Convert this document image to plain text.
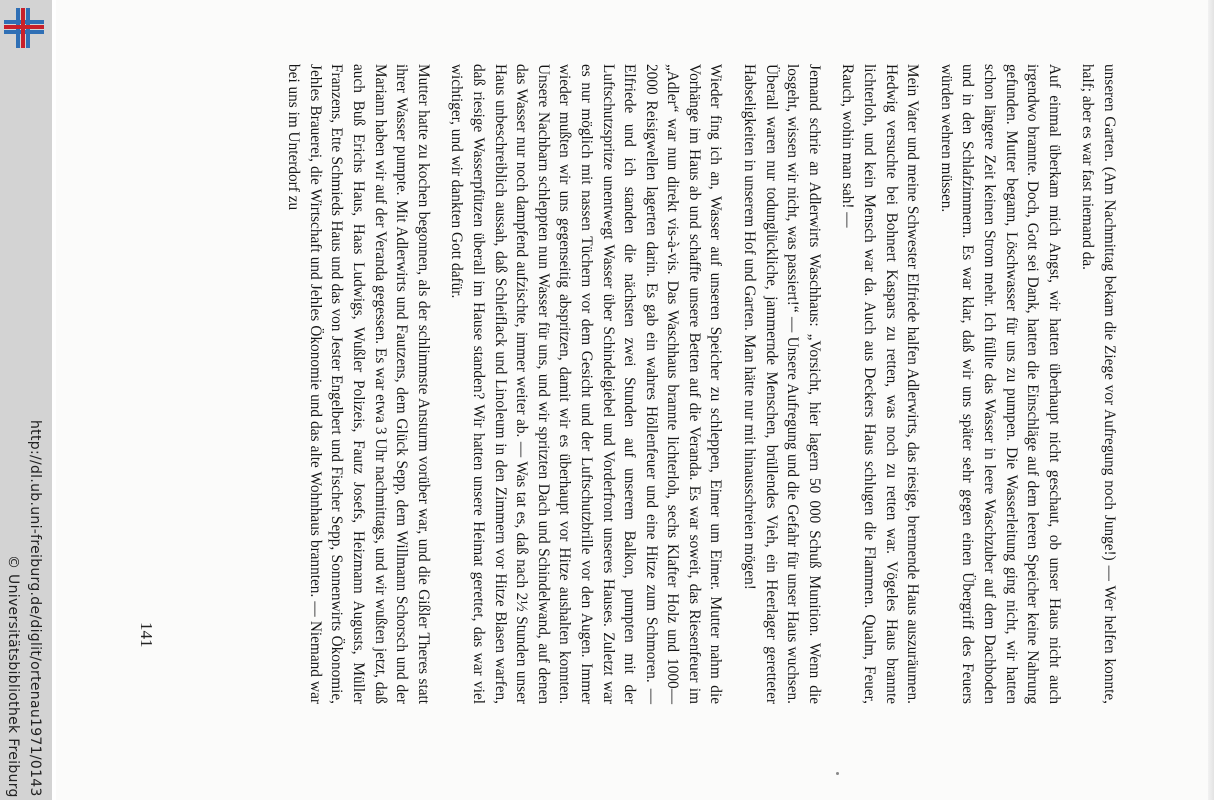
http://dl.ub.uni-freiburg.de/diglit/ortenau1971/0143
© Universitätsbibliothek Freiburg	unseren Garten. (Am Nachmittag bekam die Ziege vor Aufregung noch Junge!) — Wer helfen konnte, half; aber es war fast niemand da.

Auf einmal überkam mich Angst, wir hatten überhaupt nicht geschaut, ob unser Haus nicht auch irgendwo brannte. Doch, Gott sei Dank, hatten die Einschläge auf dem leeren Speicher keine Nahrung gefunden. Mutter begann, Löschwasser für uns zu pumpen. Die Wasserleitung ging nicht, wir hatten schon längere Zeit keinen Strom mehr. Ich füllte das Wasser in leere Waschzuber auf dem Dachboden und in den Schlafzimmern. Es war klar, daß wir uns später sehr gegen einen Übergriff des Feuers würden wehren müssen.

Mein Vater und meine Schwester Elfriede halfen Adlerwirts, das riesige, brennende Haus auszuräumen. Hedwig versuchte bei Bohnert Kaspars zu retten, was noch zu retten war. Vögeles Haus brannte lichterloh, und kein Mensch war da. Auch aus Deckers Haus schlugen die Flammen. Qualm, Feuer, Rauch, wohin man sah! —

Jemand schrie an Adlerwirts Waschhaus: „Vorsicht, hier lagern 50 000 Schuß Munition. Wenn die losgeht, wissen wir nicht, was passiert!“ — Unsere Aufregung und die Gefahr für unser Haus wuchsen. Überall waren nur todunglückliche, jammernde Menschen, brüllendes Vieh, ein Heerlager geretteter Habseligkeiten in unserem Hof und Garten. Man hätte nur mit hinausschreien mögen!

Wieder fing ich an, Wasser auf unseren Speicher zu schleppen, Eimer um Eimer. Mutter nahm die Vorhänge im Haus ab und schaffte unsere Betten auf die Veranda. Es war soweit, das Riesenfeuer im „Adler“ war nun direkt vis-à-vis. Das Waschhaus brannte lichterloh, sechs Klafter Holz und 1000—2000 Reisigwellen lagerten darin. Es gab ein wahres Höllenfeuer und eine Hitze zum Schmoren. — Elfriede und ich standen die nächsten zwei Stunden auf unserem Balkon, pumpten mit der Luftschutzspritze unentwegt Wasser über Schindelgiebel und Vorderfront unseres Hauses. Zuletzt war es nur möglich mit nassen Tüchern vor dem Gesicht und der Luftschutzbrille vor den Augen. Immer wieder mußten wir uns gegenseitig abspritzen, damit wir es überhaupt vor Hitze aushalten konnten. Unsere Nachbarn schleppten nun Wasser für uns, und wir spritzten Dach und Schindelwand, auf denen das Wasser nur noch dampfend aufzischte, immer weiter ab. — Was tat es, daß nach 2½ Stunden unser Haus unbeschreiblich aussah, daß Schleiflack und Linoleum in den Zimmern vor Hitze Blasen warfen, daß riesige Wasserpfützen überall im Hause standen? Wir hatten unsere Heimat gerettet, das war viel wichtiger, und wir dankten Gott dafür.

Mutter hatte zu kochen begonnen, als der schlimmste Ansturm vorüber war, und die Gißler Theres statt ihrer Wasser pumpte. Mit Adlerwirts und Fautzens, dem Glück Sepp, dem Willmann Schorsch und der Mariann haben wir auf der Veranda gegessen. Es war etwa 3 Uhr nachmittags, und wir wußten jetzt, daß auch Buß Erichs Haus, Haas Ludwigs, Wußler Polizeis, Fautz Josefs, Heizmann Augusts, Müller Franzens, Ette Schmieds Haus und das von Jester Engelbert und Fischer Sepp, Sonnenwirts Ökonomie, Jehles Brauerei, die Wirtschaft und Jehles Ökonomie und das alte Wohnhaus brannten. — Niemand war bei uns im Unterdorf zu

141
